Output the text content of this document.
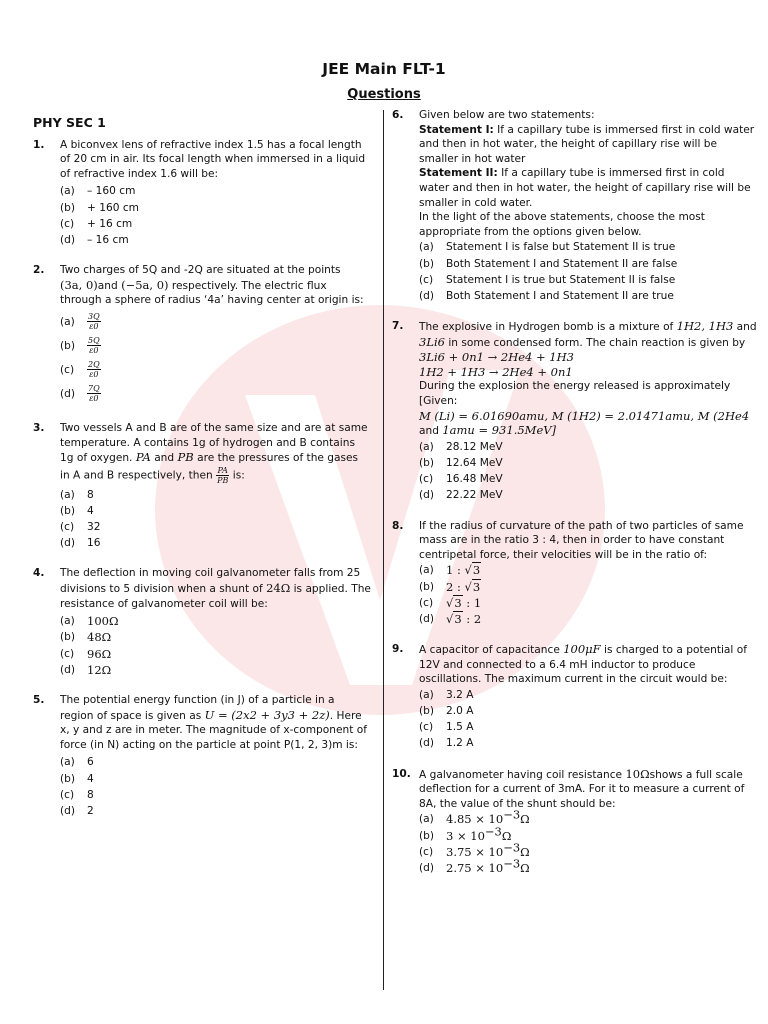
JEE Main FLT-1
Questions
PHY SEC 1
1. A biconvex lens of refractive index 1.5 has a focal length of 20 cm in air. Its focal length when immersed in a liquid of refractive index 1.6 will be:
(a) – 160 cm
(b) + 160 cm
(c) + 16 cm
(d) – 16 cm
2. Two charges of 5Q and -2Q are situated at the points
(3a, 0)and (−5a, 0) respectively. The electric flux through a sphere of radius ‘4a’ having center at origin is:
$(a) \frac{3Q}{\varepsilon 0}$
$(b) \frac{5Q}{\varepsilon 0}$
$(c) \frac{2Q}{\varepsilon 0}$
$(d) \frac{7Q}{\varepsilon 0}$
3. Two vessels A and B are of the same size and are at same temperature. A contains 1g of hydrogen and B contains 1g of oxygen. PA and PB are the pressures of the gases in A and B respectively, then $\frac{PA}{PB}$ is:
(a) 8
(b) 4
(c) 32
(d) 16
4. The deflection in moving coil galvanometer falls from 25 divisions to 5 division when a shunt of 24Ω is applied. The resistance of galvanometer coil will be:
(a) 100Ω
(b) 48Ω
(c) 96Ω
(d) 12Ω
5. The potential energy function (in J) of a particle in a region of space is given as U = (2x2 + 3y3 + 2z). Here x, y and z are in meter. The magnitude of x-component of force (in N) acting on the particle at point P(1, 2, 3)m is:
(a) 6
(b) 4
(c) 8
(d) 2
6. Given below are two statements:
Statement I: If a capillary tube is immersed first in cold water and then in hot water, the height of capillary rise will be smaller in hot water
Statement II: If a capillary tube is immersed first in cold water and then in hot water, the height of capillary rise will be smaller in cold water.
In the light of the above statements, choose the most appropriate from the options given below.
(a) Statement I is false but Statement II is true
(b) Both Statement I and Statement II are false
(c) Statement I is true but Statement II is false
(d) Both Statement I and Statement II are true
7. The explosive in Hydrogen bomb is a mixture of 1H2, 1H3 and 3Li6 in some condensed form. The chain reaction is given by
3Li6 + 0n1 → 2He4 + 1H3
1H2 + 1H3 → 2He4 + 0n1
During the explosion the energy released is approximately [Given:
M (Li) = 6.01690amu, M (1H2) = 2.01471amu, M (2He4
and 1amu = 931.5MeV]
(a) 28.12 MeV
(b) 12.64 MeV
(c) 16.48 MeV
(d) 22.22 MeV
8. If the radius of curvature of the path of two particles of same mass are in the ratio 3 : 4, then in order to have constant centripetal force, their velocities will be in the ratio of:
(a) 1 : √3
(b) 2 : √3
(c) √3 : 1
(d) √3 : 2
9. A capacitor of capacitance 100μF is charged to a potential of 12V and connected to a 6.4 mH inductor to produce oscillations. The maximum current in the circuit would be:
(a) 3.2 A
(b) 2.0 A
(c) 1.5 A
(d) 1.2 A
10. A galvanometer having coil resistance 10Ωshows a full scale deflection for a current of 3mA. For it to measure a current of 8A, the value of the shunt should be:
(a) $4.85 \times 10^{-3}\Omega$
(b) $3 \times 10^{-3}\Omega$
(c) $3.75 \times 10^{-3}\Omega$
(d) $2.75 \times 10^{-3}\Omega$
